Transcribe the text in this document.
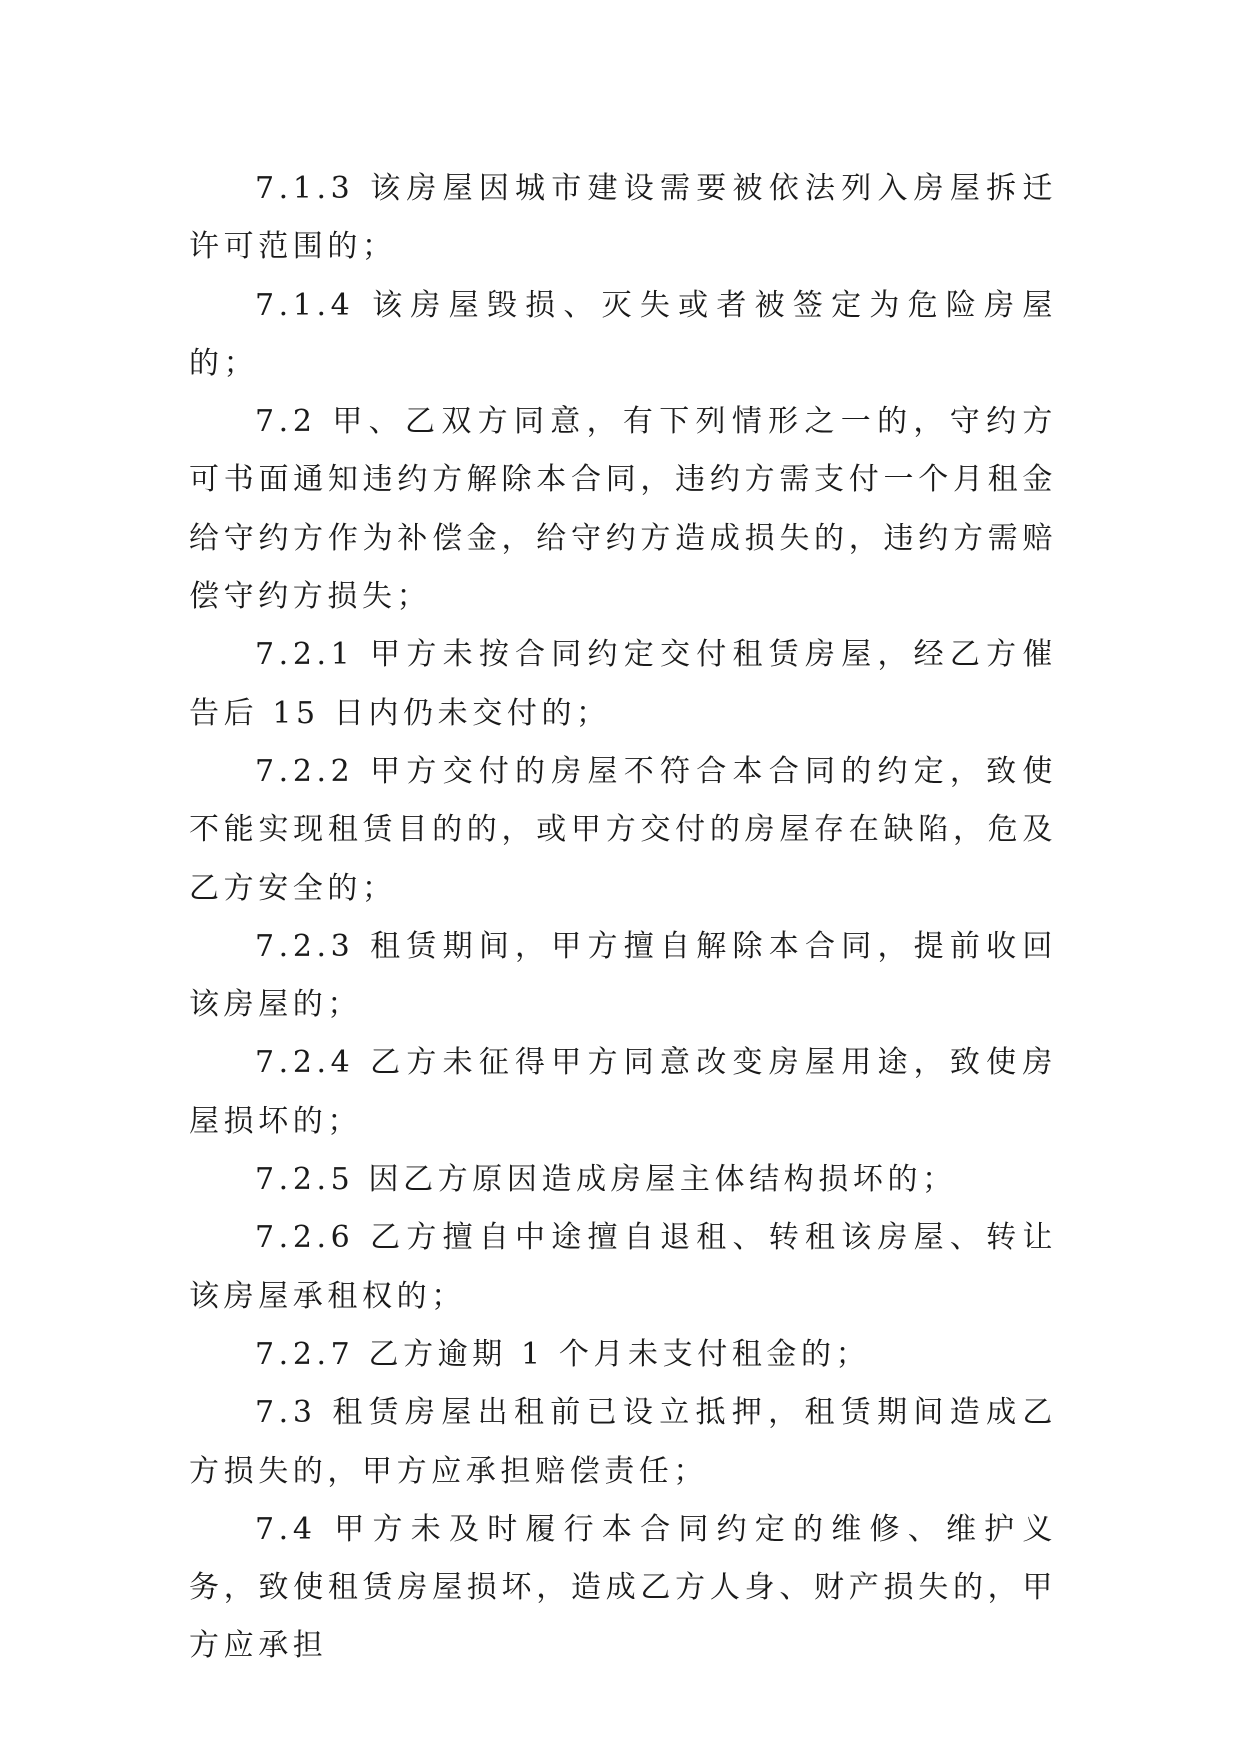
7.1.3 该房屋因城市建设需要被依法列入房屋拆迁许可范围的；

7.1.4 该房屋毁损、灭失或者被签定为危险房屋的；

7.2 甲、乙双方同意，有下列情形之一的，守约方可书面通知违约方解除本合同，违约方需支付一个月租金给守约方作为补偿金，给守约方造成损失的，违约方需赔偿守约方损失；

7.2.1 甲方未按合同约定交付租赁房屋，经乙方催告后 15 日内仍未交付的；

7.2.2 甲方交付的房屋不符合本合同的约定，致使不能实现租赁目的的，或甲方交付的房屋存在缺陷，危及乙方安全的；

7.2.3 租赁期间，甲方擅自解除本合同，提前收回该房屋的；

7.2.4 乙方未征得甲方同意改变房屋用途，致使房屋损坏的；

7.2.5 因乙方原因造成房屋主体结构损坏的；

7.2.6 乙方擅自中途擅自退租、转租该房屋、转让该房屋承租权的；

7.2.7 乙方逾期 1 个月未支付租金的；

7.3 租赁房屋出租前已设立抵押，租赁期间造成乙方损失的，甲方应承担赔偿责任；

7.4 甲方未及时履行本合同约定的维修、维护义务，致使租赁房屋损坏，造成乙方人身、财产损失的，甲方应承担
